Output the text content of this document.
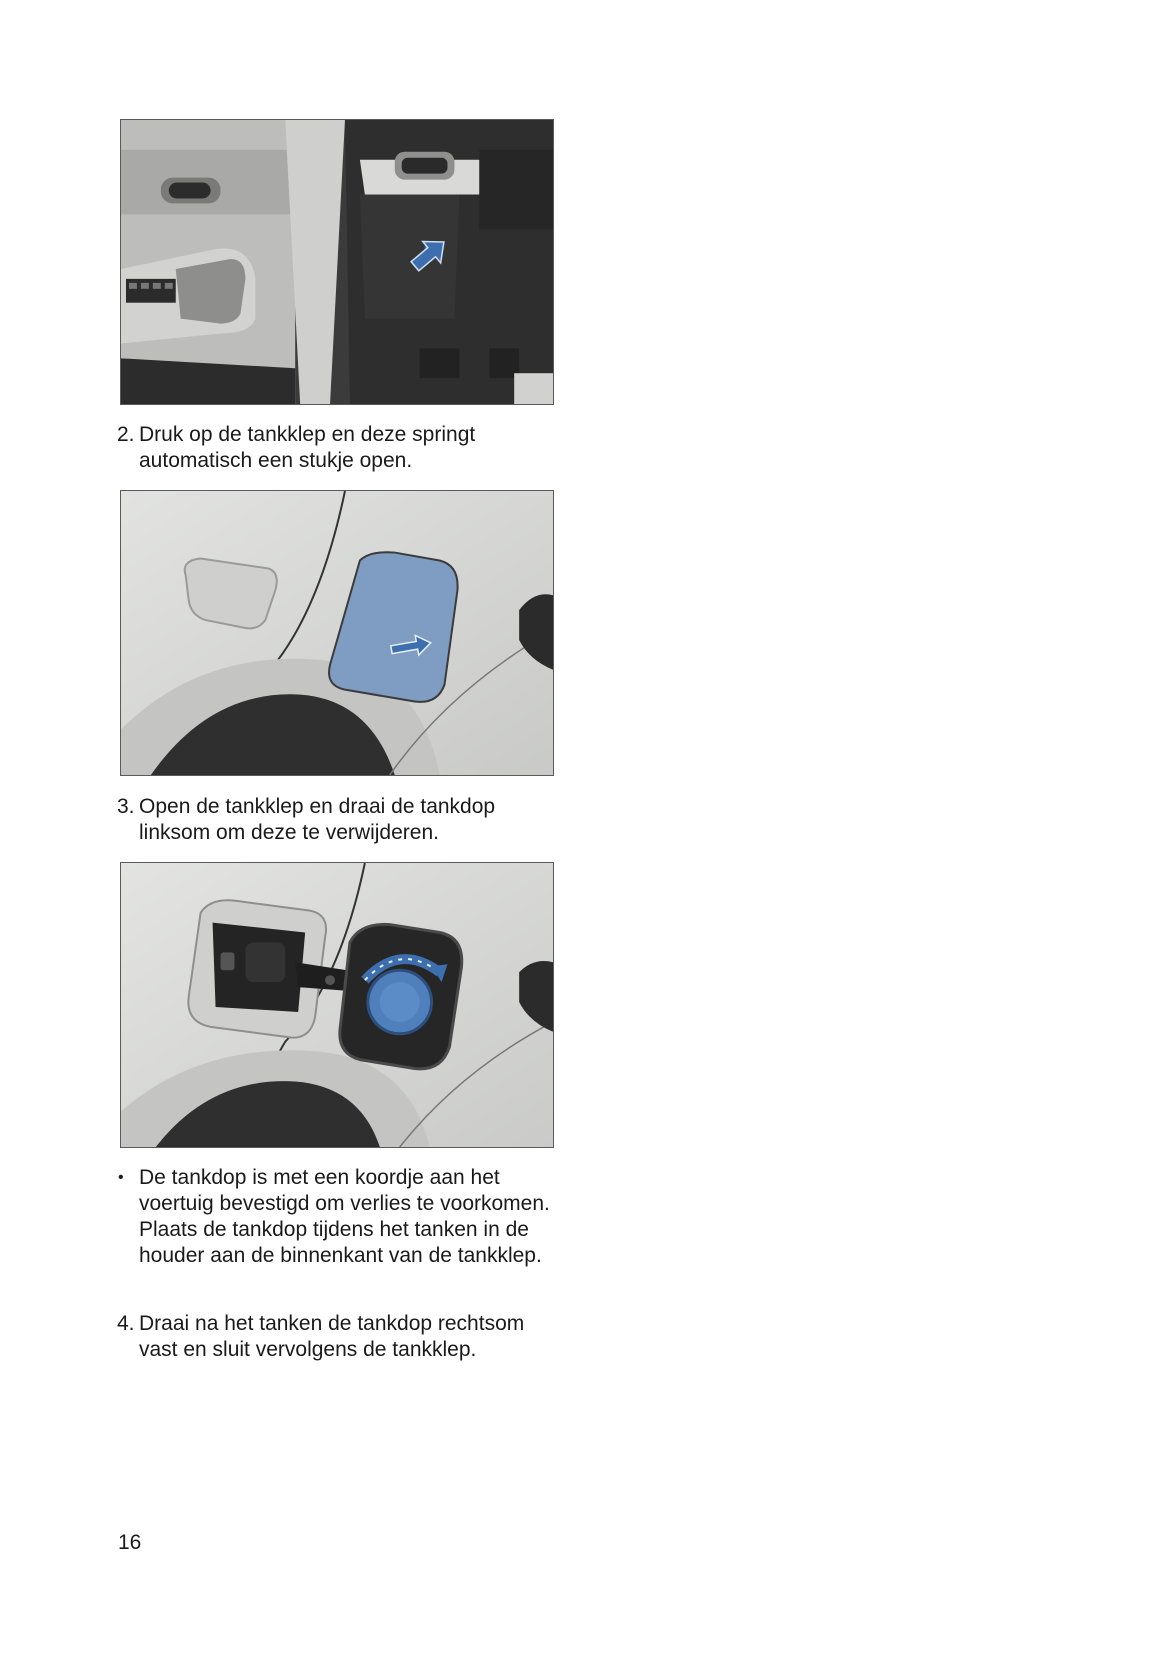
2. Druk op de tankklep en deze springt automatisch een stukje open.
3. Open de tankklep en draai de tankdop linksom om deze te verwijderen.
• De tankdop is met een koordje aan het voertuig bevestigd om verlies te voorkomen. Plaats de tankdop tijdens het tanken in de houder aan de binnenkant van de tankklep.
4. Draai na het tanken de tankdop rechtsom vast en sluit vervolgens de tankklep.
16
